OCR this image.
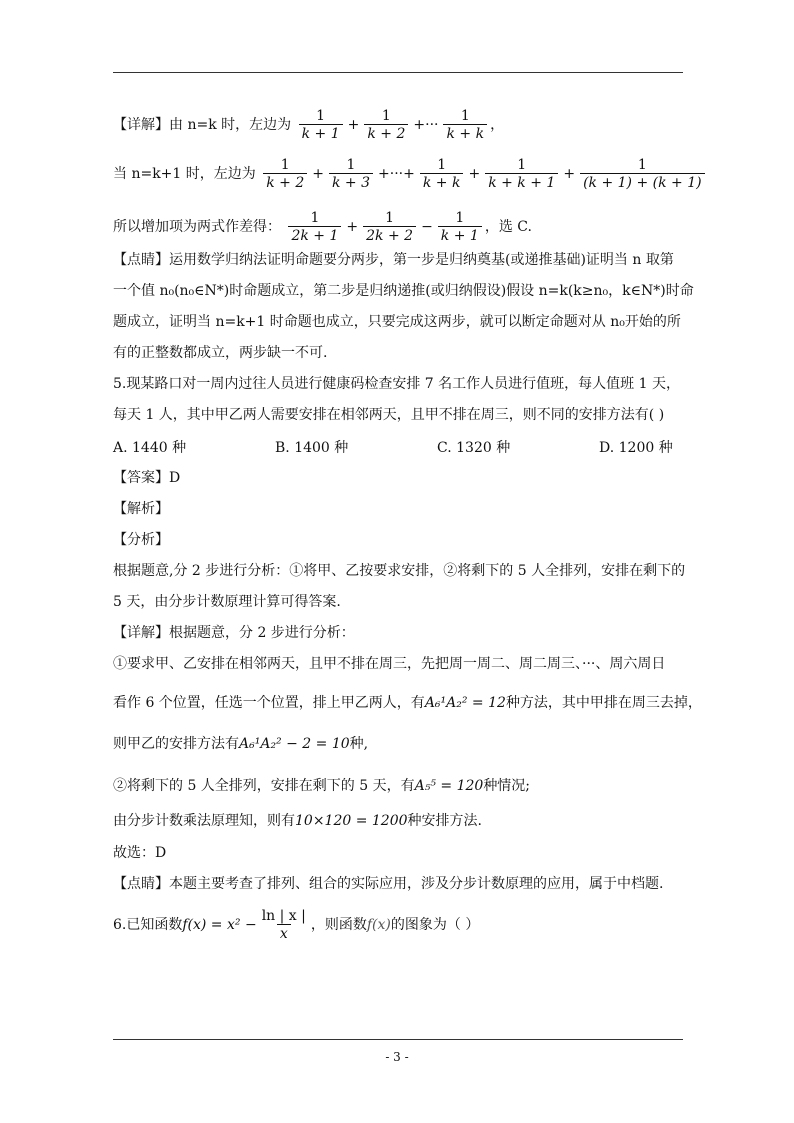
【详解】由 n=k 时，左边为 $\frac{1}{k + 1} + \frac{1}{k + 2}$ +··· $\frac{1}{k + k}$ ，
当 n=k+1 时，左边为 $\frac{1}{k + 2} + \frac{1}{k + 3}$ +···+ $\frac{1}{k + k} + \frac{1}{k + k + 1} + \frac{1}{(k + 1) + (k + 1)}$
所以增加项为两式作差得： $\frac{1}{2k + 1} + \frac{1}{2k + 2} - \frac{1}{k + 1}$ ，选 C.
【点睛】运用数学归纳法证明命题要分两步，第一步是归纳奠基(或递推基础)证明当 n 取第
一个值 n₀(n₀∈N*)时命题成立，第二步是归纳递推(或归纳假设)假设 n=k(k≥n₀，k∈N*)时命
题成立，证明当 n=k+1 时命题也成立，只要完成这两步，就可以断定命题对从 n₀开始的所
有的正整数都成立，两步缺一不可.
5.现某路口对一周内过往人员进行健康码检查安排 7 名工作人员进行值班，每人值班 1 天，
每天 1 人，其中甲乙两人需要安排在相邻两天，且甲不排在周三，则不同的安排方法有( )
A. 1440 种	B. 1400 种	C. 1320 种	D. 1200 种
【答案】D
【解析】
【分析】
根据题意,分 2 步进行分析：①将甲、乙按要求安排，②将剩下的 5 人全排列，安排在剩下的
5 天，由分步计数原理计算可得答案.
【详解】根据题意，分 2 步进行分析：
①要求甲、乙安排在相邻两天，且甲不排在周三，先把周一周二、周二周三、···、周六周日
看作 6 个位置，任选一个位置，排上甲乙两人，有A₆¹A₂² = 12种方法，其中甲排在周三去掉，
则甲乙的安排方法有A₆¹A₂² − 2 = 10种,
②将剩下的 5 人全排列，安排在剩下的 5 天，有A₅⁵ = 120种情况;
由分步计数乘法原理知，则有10×120 = 1200种安排方法.
故选：D
【点睛】本题主要考查了排列、组合的实际应用，涉及分步计数原理的应用，属于中档题.
6.已知函数$f(x) = x^2 - \frac{\ln | x |}{x}$ ，则函数f(x)的图象为（ ）
- 3 -
